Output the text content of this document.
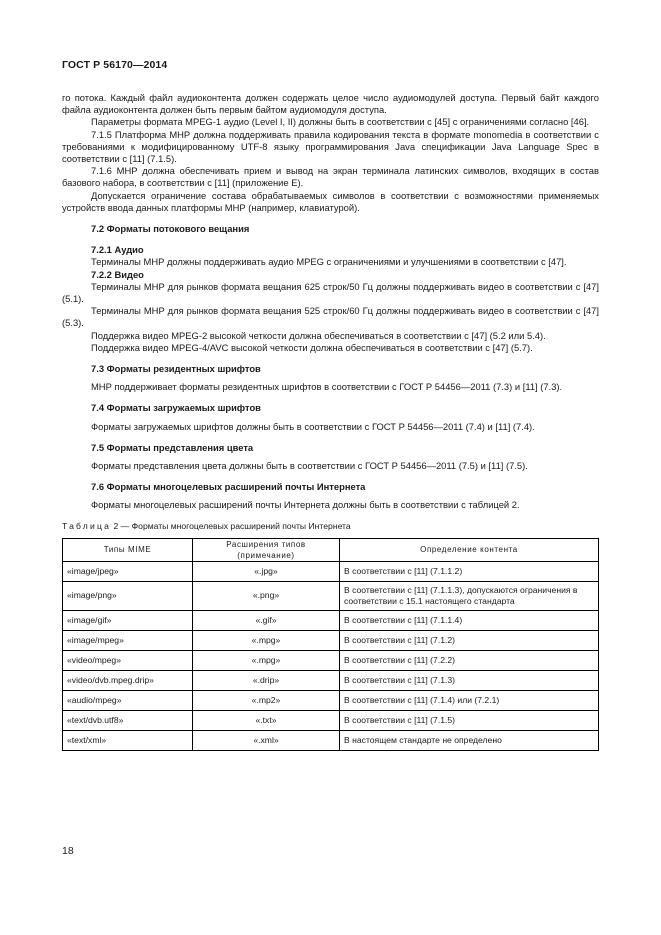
ГОСТ Р 56170—2014

го потока. Каждый файл аудиоконтента должен содержать целое число аудиомодулей доступа. Первый байт каждого файла аудиоконтента должен быть первым байтом аудиомодуля доступа.

Параметры формата MPEG-1 аудио (Level I, II) должны быть в соответствии с [45] с ограничениями согласно [46].

7.1.5 Платформа МНР должна поддерживать правила кодирования текста в формате monomedia в соответствии с требованиями к модифицированному UTF-8 языку программирования Java спецификации Java Language Spec в соответствии с [11] (7.1.5).

7.1.6 МНР должна обеспечивать прием и вывод на экран терминала латинских символов, входящих в состав базового набора, в соответствии с [11] (приложение Е).

Допускается ограничение состава обрабатываемых символов в соответствии с возможностями применяемых устройств ввода данных платформы МНР (например, клавиатурой).

7.2 Форматы потокового вещания

7.2.1 Аудио

Терминалы МНР должны поддерживать аудио MPEG с ограничениями и улучшениями в соответствии с [47].

7.2.2 Видео

Терминалы МНР для рынков формата вещания 625 строк/50 Гц должны поддерживать видео в соответствии с [47] (5.1).

Терминалы МНР для рынков формата вещания 525 строк/60 Гц должны поддерживать видео в соответствии с [47] (5.3).

Поддержка видео MPEG-2 высокой четкости должна обеспечиваться в соответствии с [47] (5.2 или 5.4).

Поддержка видео MPEG-4/AVC высокой четкости должна обеспечиваться в соответствии с [47] (5.7).

7.3 Форматы резидентных шрифтов

МНР поддерживает форматы резидентных шрифтов в соответствии с ГОСТ Р 54456—2011 (7.3) и [11] (7.3).

7.4 Форматы загружаемых шрифтов

Форматы загружаемых шрифтов должны быть в соответствии с ГОСТ Р 54456—2011 (7.4) и [11] (7.4).

7.5 Форматы представления цвета

Форматы представления цвета должны быть в соответствии с ГОСТ Р 54456—2011 (7.5) и [11] (7.5).

7.6 Форматы многоцелевых расширений почты Интернета

Форматы многоцелевых расширений почты Интернета должны быть в соответствии с таблицей 2.

Таблица 2 — Форматы многоцелевых расширений почты Интернета

Типы MIME	Расширения типов (примечание)	Определение контента
«image/jpeg»	«.jpg»	В соответствии с [11] (7.1.1.2)
«image/png»	«.png»	В соответствии с [11] (7.1.1.3), допускаются ограничения в соответствии с 15.1 настоящего стандарта
«image/gif»	«.gif»	В соответствии с [11] (7.1.1.4)
«image/mpeg»	«.mpg»	В соответствии с [11] (7.1.2)
«video/mpeg»	«.mpg»	В соответствии с [11] (7.2.2)
«video/dvb.mpeg.drip»	«.drip»	В соответствии с [11] (7.1.3)
«audio/mpeg»	«.mp2»	В соответствии с [11] (7.1.4) или (7.2.1)
«text/dvb.utf8»	«.txt»	В соответствии с [11] (7.1.5)
«text/xml»	«.xml»	В настоящем стандарте не определено
18
